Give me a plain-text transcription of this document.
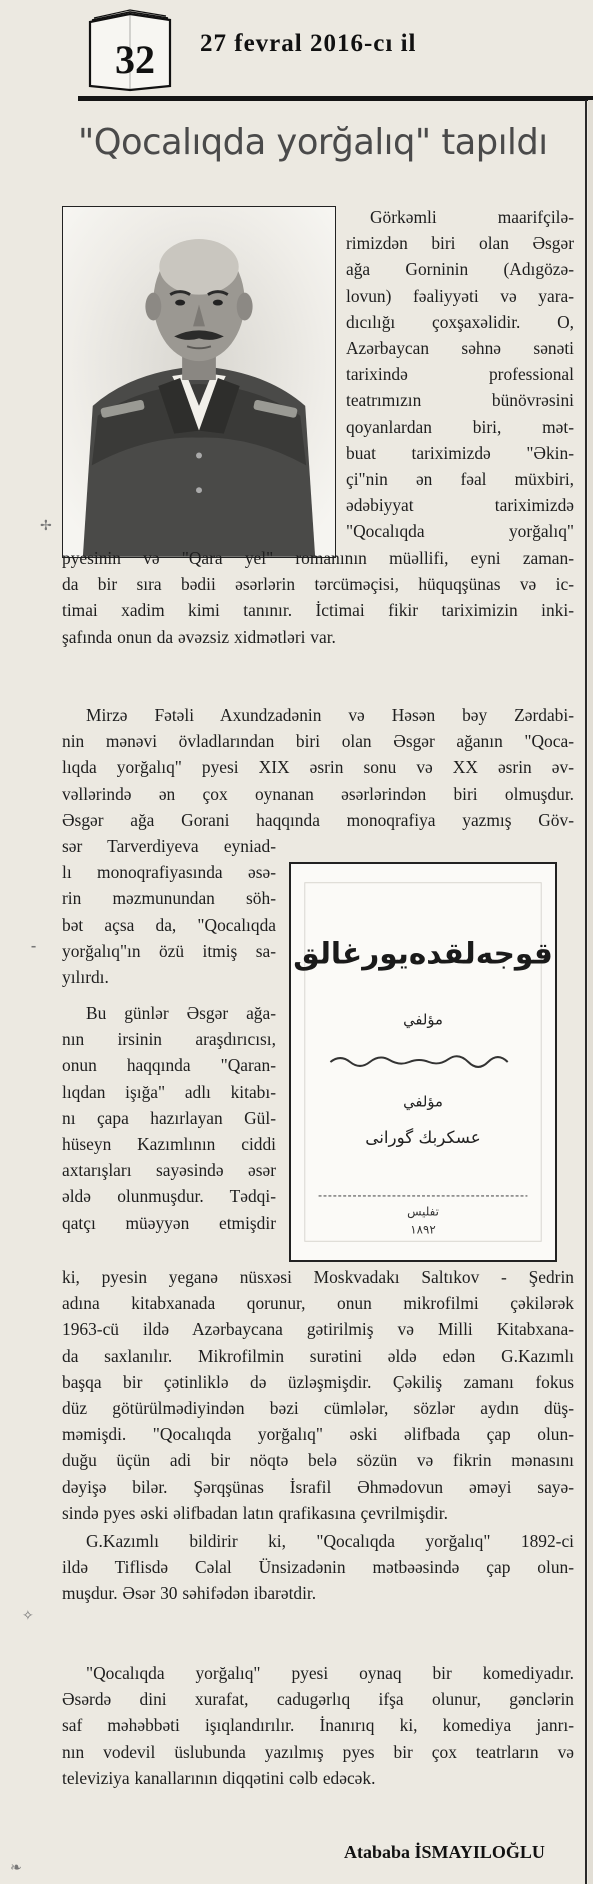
32	27 fevral 2016-cı il
"Qocalıqda yorğalıq" tapıldı
Görkəmli maarifçilə-
rimizdən biri olan Əsgər
ağa Gorninin (Adıgözə-
lovun) fəaliyyəti və yara-
dıcılığı çoxşaxəlidir. O,
Azərbaycan səhnə sənəti
tarixində professional
teatrımızın bünövrəsini
qoyanlardan biri, mət-
buat tariximizdə "Əkin-
çi"nin ən fəal müxbiri,
ədəbiyyat tariximizdə
"Qocalıqda yorğalıq"
pyesinin və "Qara yel" romanının müəllifi, eyni zaman-
da bir sıra bədii əsərlərin tərcüməçisi, hüquqşünas və ic-
timai xadim kimi tanınır. İctimai fikir tariximizin inki-
şafında onun da əvəzsiz xidmətləri var.
Mirzə Fətəli Axundzadənin və Həsən bəy Zərdabi-
nin mənəvi övladlarından biri olan Əsgər ağanın "Qoca-
lıqda yorğalıq" pyesi XIX əsrin sonu və XX əsrin əv-
vəllərində ən çox oynanan əsərlərindən biri olmuşdur.
Əsgər ağa Gorani haqqında monoqrafiya yazmış Göv-
sər Tarverdiyeva eyniad-
lı monoqrafiyasında əsə-
rin məzmunundan söh-
bət açsa da, "Qocalıqda
yorğalıq"ın özü itmiş sa-
yılırdı.
Bu günlər Əsgər ağa-
nın irsinin araşdırıcısı,
onun haqqında "Qaran-
lıqdan işığa" adlı kitabı-
nı çapa hazırlayan Gül-
hüseyn Kazımlının ciddi
axtarışları sayəsində əsər
əldə olunmuşdur. Tədqi-
qatçı müəyyən etmişdir
قوجه‌لقده‌يورغالق
مؤلفي
مؤلفي
عسكربك گورانى
تفليس
١٨٩٢
ki, pyesin yeganə nüsxəsi Moskvadakı Saltıkov - Şedrin
adına kitabxanada qorunur, onun mikrofilmi çəkilərək
1963-cü ildə Azərbaycana gətirilmiş və Milli Kitabxana-
da saxlanılır. Mikrofilmin surətini əldə edən G.Kazımlı
başqa bir çətinliklə də üzləşmişdir. Çəkiliş zamanı fokus
düz götürülmədiyindən bəzi cümlələr, sözlər aydın düş-
məmişdi. "Qocalıqda yorğalıq" əski əlifbada çap olun-
duğu üçün adi bir nöqtə belə sözün və fikrin mənasını
dəyişə bilər. Şərqşünas İsrafil Əhmədovun əməyi sayə-
sində pyes əski əlifbadan latın qrafikasına çevrilmişdir.
G.Kazımlı bildirir ki, "Qocalıqda yorğalıq" 1892-ci
ildə Tiflisdə Cəlal Ünsizadənin mətbəəsində çap olun-
muşdur. Əsər 30 səhifədən ibarətdir.
"Qocalıqda yorğalıq" pyesi oynaq bir komediyadır.
Əsərdə dini xurafat, cadugərlıq ifşa olunur, gənclərin
saf məhəbbəti işıqlandırılır. İnanırıq ki, komediya janrı-
nın vodevil üslubunda yazılmış pyes bir çox teatrların və
televiziya kanallarının diqqətini cəlb edəcək.
Atababa İSMAYILOĞLU
✢
⁃
✧
❧
